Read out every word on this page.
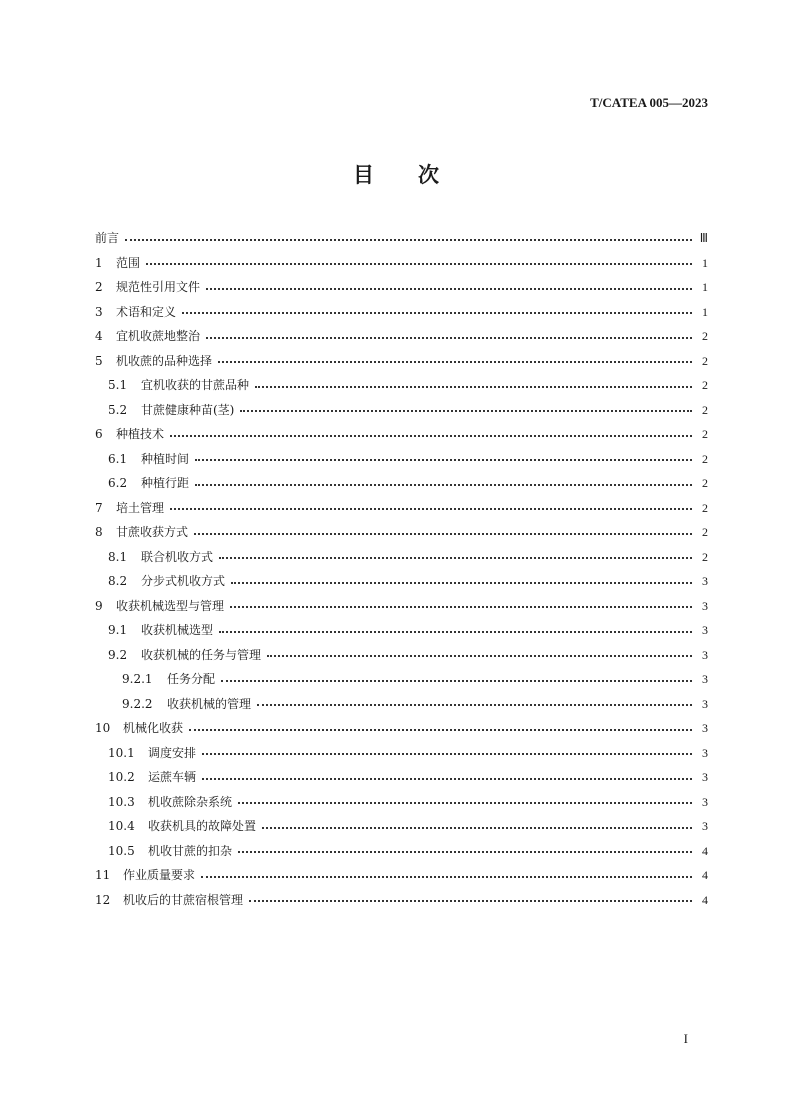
T/CATEA 005—2023
目次
前言	Ⅲ
1	范围	1
2	规范性引用文件	1
3	术语和定义	1
4	宜机收蔗地整治	2
5	机收蔗的品种选择	2
5.1	宜机收获的甘蔗品种	2
5.2	甘蔗健康种苗(茎)	2
6	种植技术	2
6.1	种植时间	2
6.2	种植行距	2
7	培土管理	2
8	甘蔗收获方式	2
8.1	联合机收方式	2
8.2	分步式机收方式	3
9	收获机械选型与管理	3
9.1	收获机械选型	3
9.2	收获机械的任务与管理	3
9.2.1	任务分配	3
9.2.2	收获机械的管理	3
10	机械化收获	3
10.1	调度安排	3
10.2	运蔗车辆	3
10.3	机收蔗除杂系统	3
10.4	收获机具的故障处置	3
10.5	机收甘蔗的扣杂	4
11	作业质量要求	4
12	机收后的甘蔗宿根管理	4
I
